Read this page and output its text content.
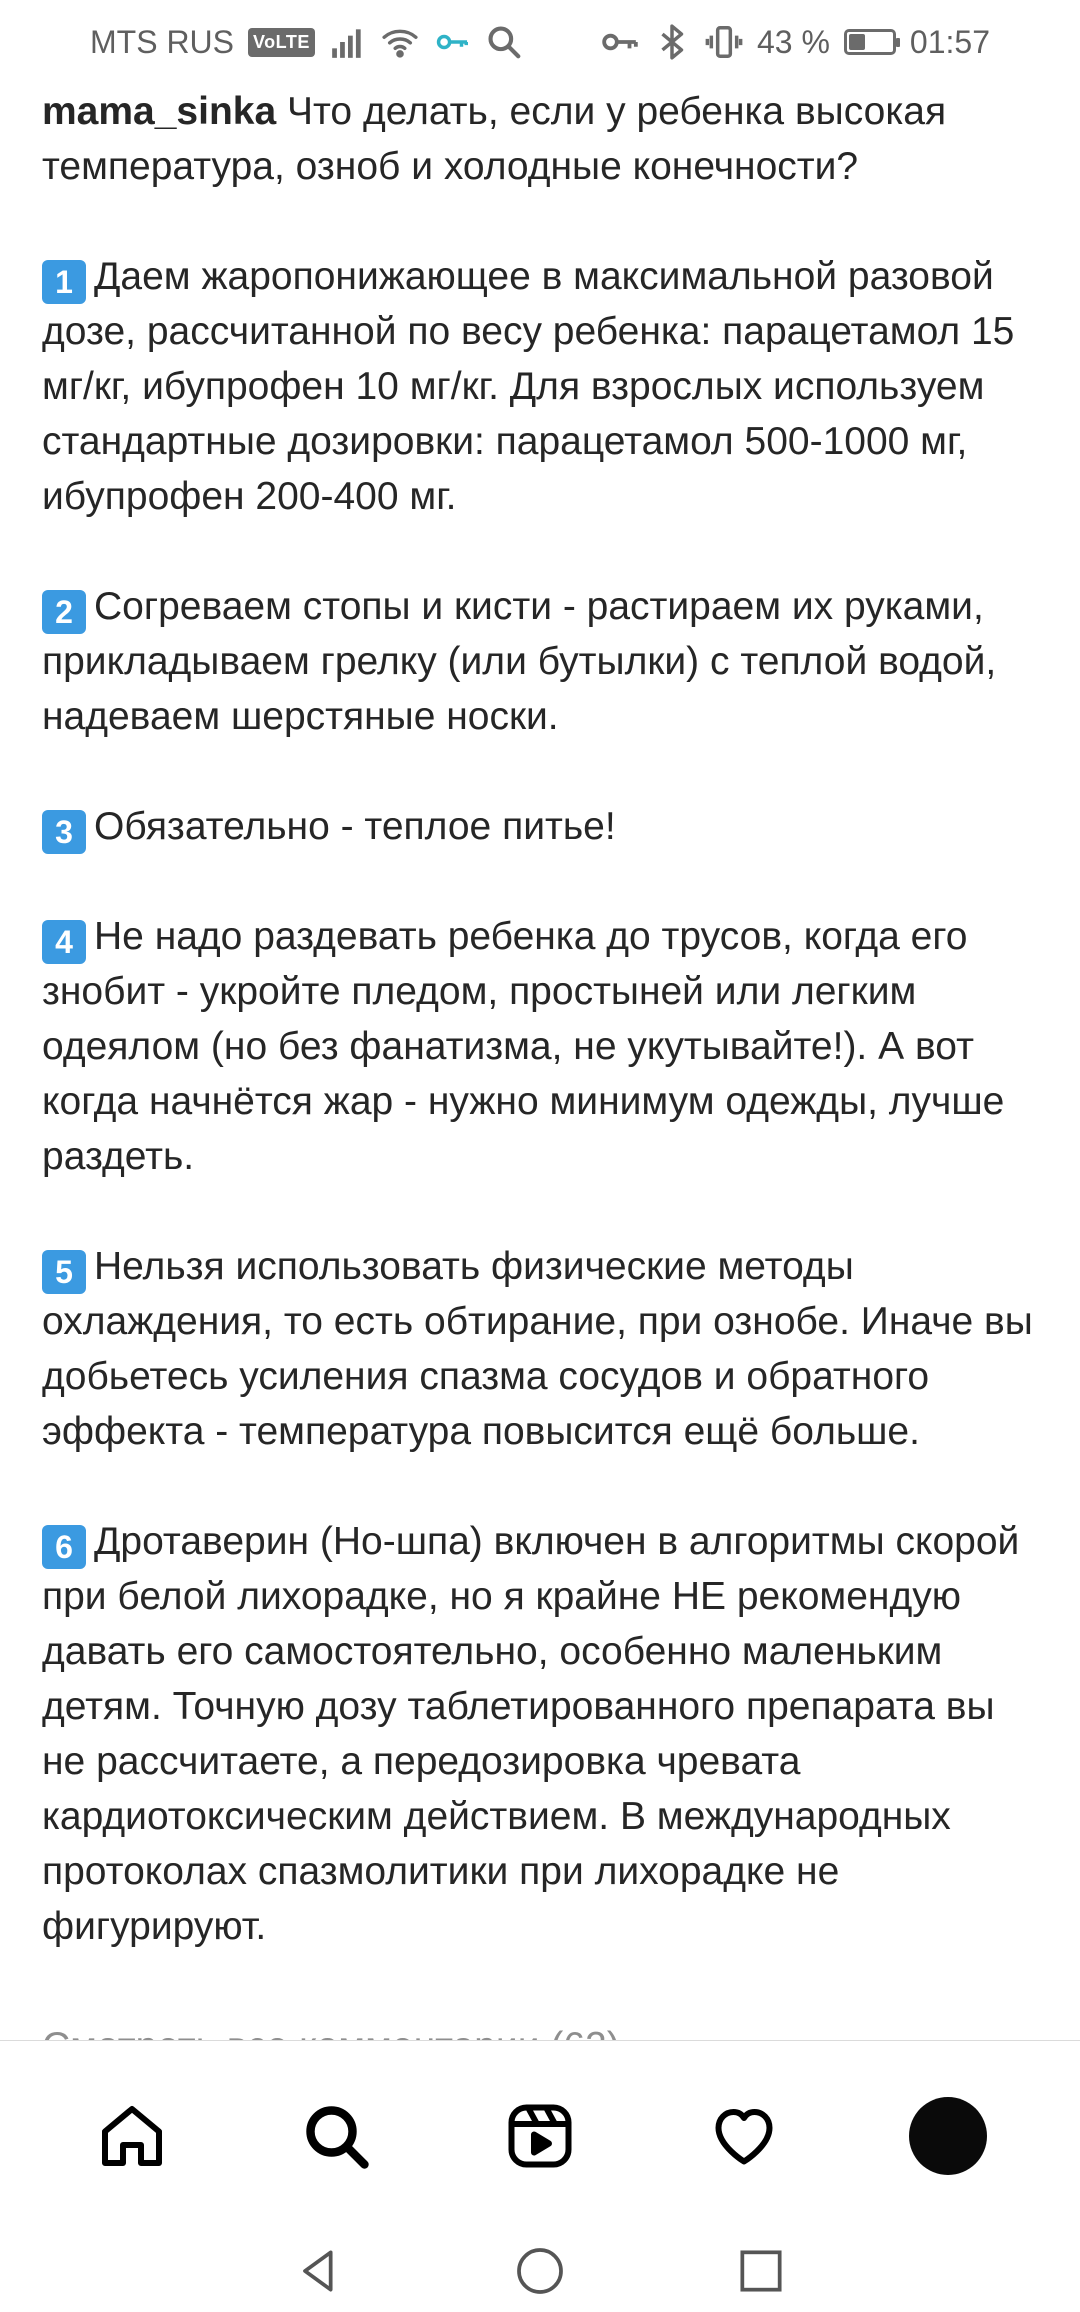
MTS RUS VoLTE	43 %	01:57

mama_sinka Что делать, если у ребенка высокая температура, озноб и холодные конечности?

1 Даем жаропонижающее в максимальной разовой дозе, рассчитанной по весу ребенка: парацетамол 15 мг/кг, ибупрофен 10 мг/кг. Для взрослых используем стандартные дозировки: парацетамол 500-1000 мг, ибупрофен 200-400 мг.

2 Согреваем стопы и кисти - растираем их руками, прикладываем грелку (или бутылки) с теплой водой, надеваем шерстяные носки.

3 Обязательно - теплое питье!

4 Не надо раздевать ребенка до трусов, когда его знобит - укройте пледом, простыней или легким одеялом (но без фанатизма, не укутывайте!). А вот когда начнётся жар - нужно минимум одежды, лучше раздеть.

5 Нельзя использовать физические методы охлаждения, то есть обтирание, при ознобе. Иначе вы добьетесь усиления спазма сосудов и обратного эффекта - температура повысится ещё больше.

6 Дротаверин (Но-шпа) включен в алгоритмы скорой при белой лихорадке, но я крайне НЕ рекомендую давать его самостоятельно, особенно маленьким детям. Точную дозу таблетированного препарата вы не рассчитаете, а передозировка чревата кардиотоксическим действием. В международных протоколах спазмолитики при лихорадке не фигурируют.
